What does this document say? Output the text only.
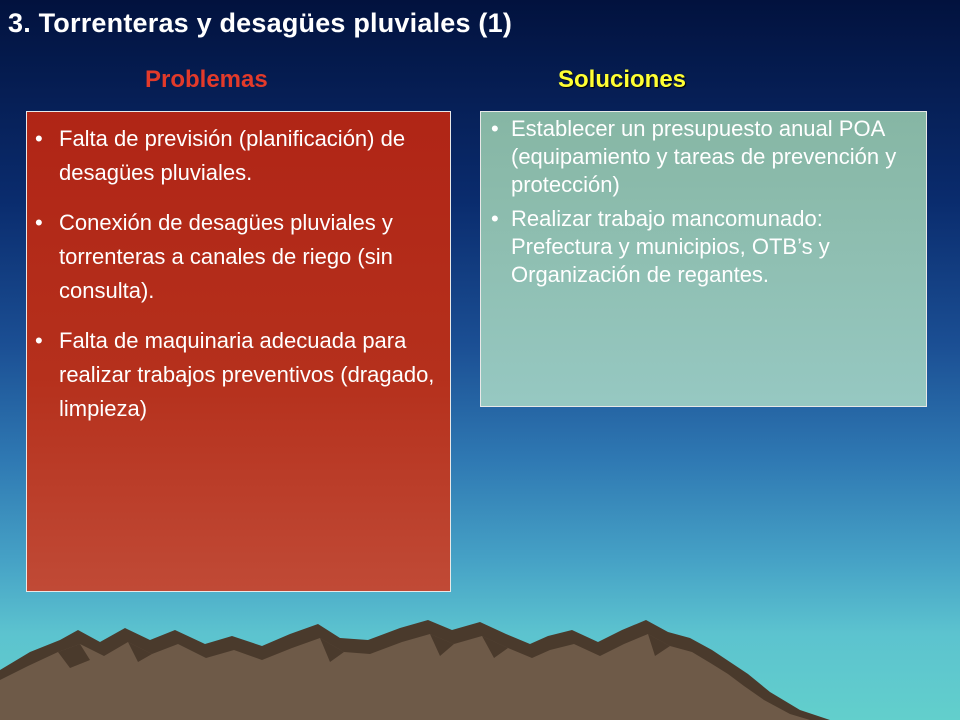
3. Torrenteras y desagües pluviales (1)
Problemas	Soluciones
• Falta de previsión (planificación) de desagües pluviales.
• Conexión de desagües pluviales y torrenteras a canales de riego (sin consulta).
• Falta de maquinaria adecuada para realizar trabajos preventivos (dragado, limpieza)
• Establecer un presupuesto anual POA (equipamiento y tareas de prevención y protección)
• Realizar trabajo mancomunado: Prefectura y municipios, OTB’s y Organización de regantes.
